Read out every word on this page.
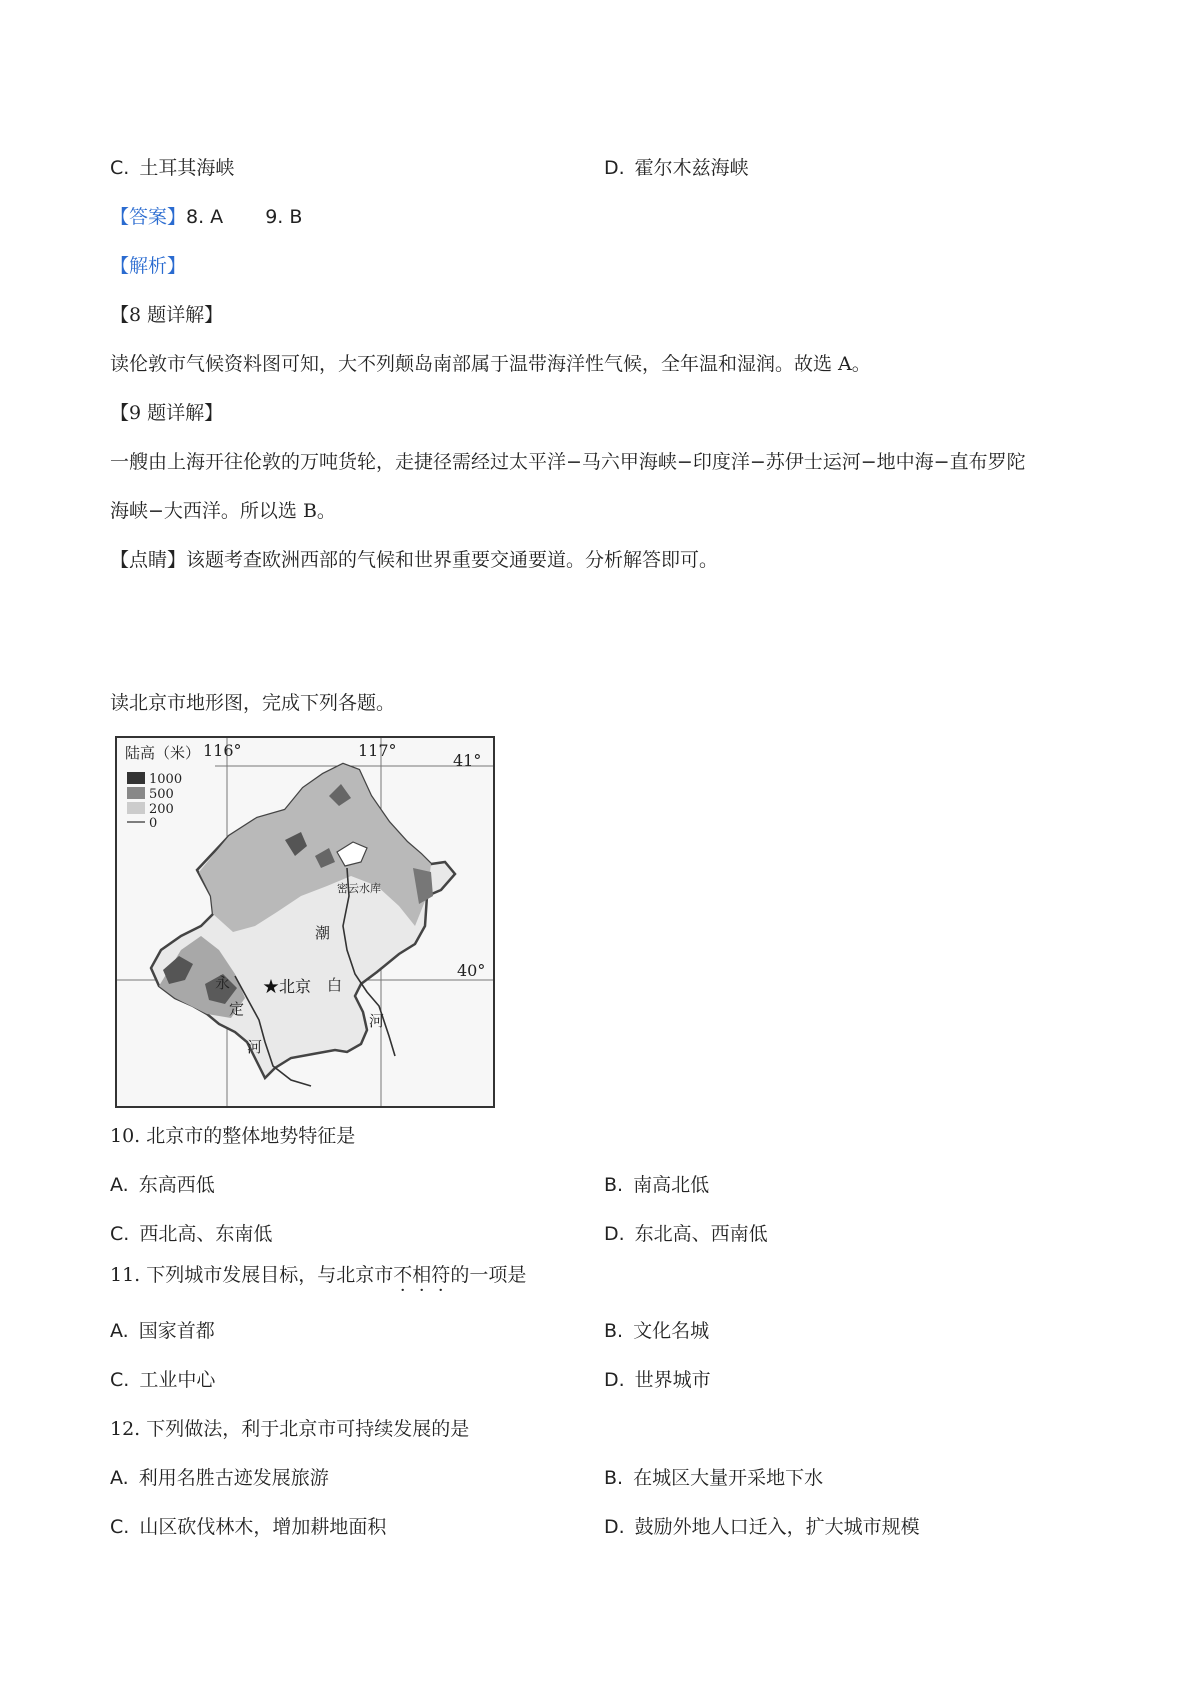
C. 土耳其海峡	D. 霍尔木兹海峡
【答案】8. A 9. B
【解析】
【8 题详解】
读伦敦市气候资料图可知，大不列颠岛南部属于温带海洋性气候，全年温和湿润。故选 A。
【9 题详解】
一艘由上海开往伦敦的万吨货轮，走捷径需经过太平洋−马六甲海峡−印度洋−苏伊士运河−地中海−直布罗陀
海峡−大西洋。所以选 B。
【点睛】该题考查欧洲西部的气候和世界重要交通要道。分析解答即可。
读北京市地形图，完成下列各题。
陆高（米）
1000
500
200
0
116°	117°
41°
40°
密云水库
★北京
潮
白
河
永
定
河
10. 北京市的整体地势特征是
A. 东高西低	B. 南高北低
C. 西北高、东南低	D. 东北高、西南低
11. 下列城市发展目标，与北京市不相符的一项是
A. 国家首都	B. 文化名城
C. 工业中心	D. 世界城市
12. 下列做法，利于北京市可持续发展的是
A. 利用名胜古迹发展旅游	B. 在城区大量开采地下水
C. 山区砍伐林木，增加耕地面积	D. 鼓励外地人口迁入，扩大城市规模
